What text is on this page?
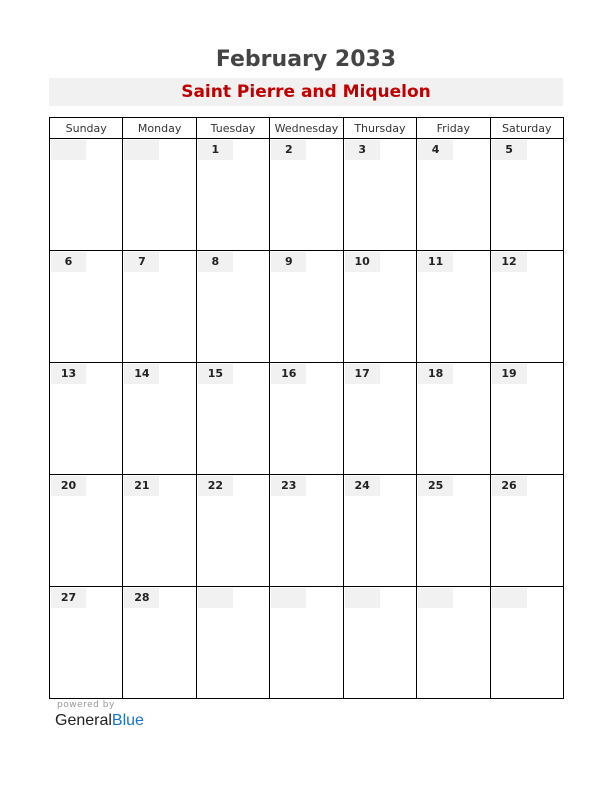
February 2033
Saint Pierre and Miquelon
Sunday	Monday	Tuesday	Wednesday	Thursday	Friday	Saturday

		1	2	3	4	5

6	7	8	9	10	11	12

13	14	15	16	17	18	19

20	21	22	23	24	25	26

27	28					

powered by
GeneralBlue
